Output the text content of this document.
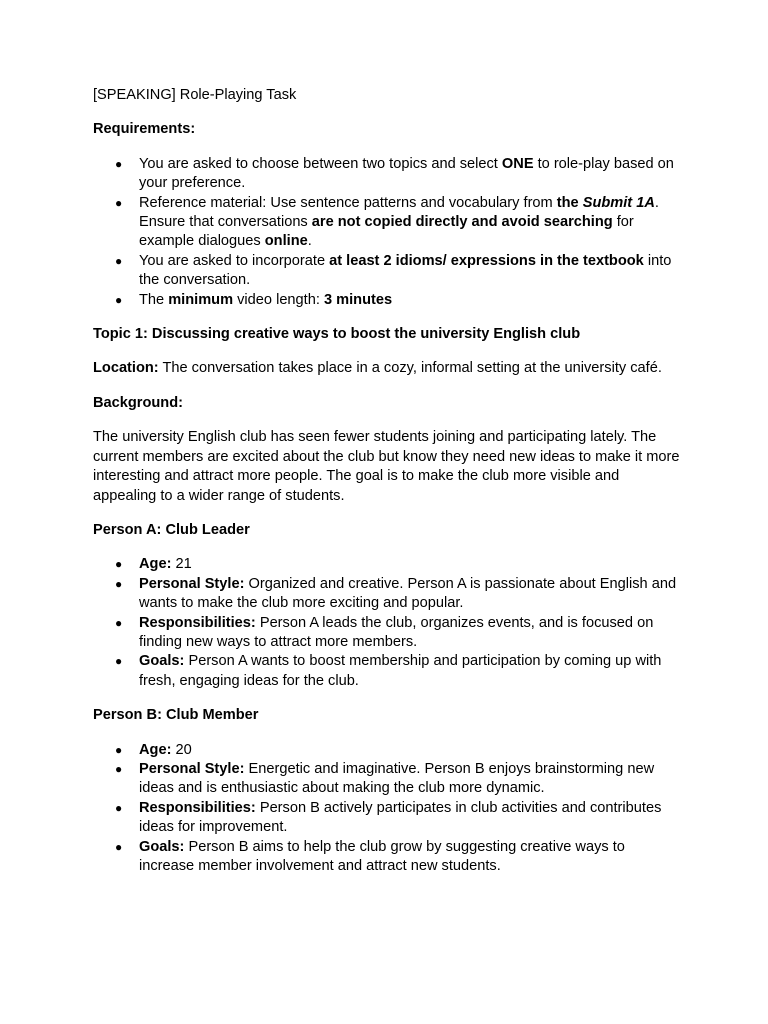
[SPEAKING] Role-Playing Task

Requirements:

● You are asked to choose between two topics and select ONE to role-play based on your preference.
● Reference material: Use sentence patterns and vocabulary from the Submit 1A. Ensure that conversations are not copied directly and avoid searching for example dialogues online.
● You are asked to incorporate at least 2 idioms/ expressions in the textbook into the conversation.
● The minimum video length: 3 minutes

Topic 1: Discussing creative ways to boost the university English club

Location: The conversation takes place in a cozy, informal setting at the university café.

Background:

The university English club has seen fewer students joining and participating lately. The current members are excited about the club but know they need new ideas to make it more interesting and attract more people. The goal is to make the club more visible and appealing to a wider range of students.

Person A: Club Leader

● Age: 21
● Personal Style: Organized and creative. Person A is passionate about English and wants to make the club more exciting and popular.
● Responsibilities: Person A leads the club, organizes events, and is focused on finding new ways to attract more members.
● Goals: Person A wants to boost membership and participation by coming up with fresh, engaging ideas for the club.

Person B: Club Member

● Age: 20
● Personal Style: Energetic and imaginative. Person B enjoys brainstorming new ideas and is enthusiastic about making the club more dynamic.
● Responsibilities: Person B actively participates in club activities and contributes ideas for improvement.
● Goals: Person B aims to help the club grow by suggesting creative ways to increase member involvement and attract new students.
